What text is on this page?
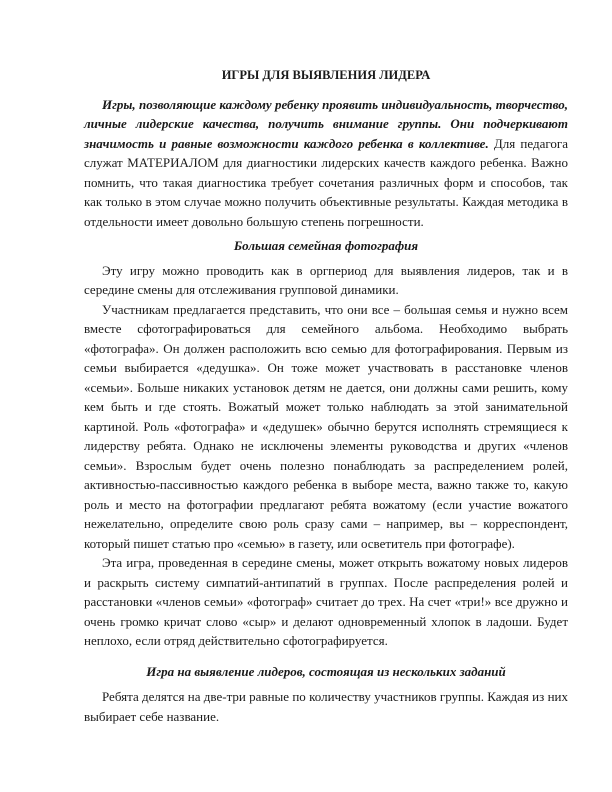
ИГРЫ ДЛЯ ВЫЯВЛЕНИЯ ЛИДЕРА

Игры, позволяющие каждому ребенку проявить индивидуальность, творчество, личные лидерские качества, получить внимание группы. Они подчеркивают значимость и равные возможности каждого ребенка в коллективе. Для педагога служат МАТЕРИАЛОМ для диагностики лидерских качеств каждого ребенка. Важно помнить, что такая диагностика требует сочетания различных форм и способов, так как только в этом случае можно получить объективные результаты. Каждая методика в отдельности имеет довольно большую степень погрешности.

Большая семейная фотография

Эту игру можно проводить как в оргпериод для выявления лидеров, так и в середине смены для отслеживания групповой динамики.

Участникам предлагается представить, что они все – большая семья и нужно всем вместе сфотографироваться для семейного альбома. Необходимо выбрать «фотографа». Он должен расположить всю семью для фотографирования. Первым из семьи выбирается «дедушка». Он тоже может участвовать в расстановке членов «семьи». Больше никаких установок детям не дается, они должны сами решить, кому кем быть и где стоять. Вожатый может только наблюдать за этой занимательной картиной. Роль «фотографа» и «дедушек» обычно берутся исполнять стремящиеся к лидерству ребята. Однако не исключены элементы руководства и других «членов семьи». Взрослым будет очень полезно понаблюдать за распределением ролей, активностью-пассивностью каждого ребенка в выборе места, важно также то, какую роль и место на фотографии предлагают ребята вожатому (если участие вожатого нежелательно, определите свою роль сразу сами – например, вы – корреспондент, который пишет статью про «семью» в газету, или осветитель при фотографе).

Эта игра, проведенная в середине смены, может открыть вожатому новых лидеров и раскрыть систему симпатий-антипатий в группах. После распределения ролей и расстановки «членов семьи» «фотограф» считает до трех. На счет «три!» все дружно и очень громко кричат слово «сыр» и делают одновременный хлопок в ладоши. Будет неплохо, если отряд действительно сфотографируется.

Игра на выявление лидеров, состоящая из нескольких заданий

Ребята делятся на две-три равные по количеству участников группы. Каждая из них выбирает себе название.
